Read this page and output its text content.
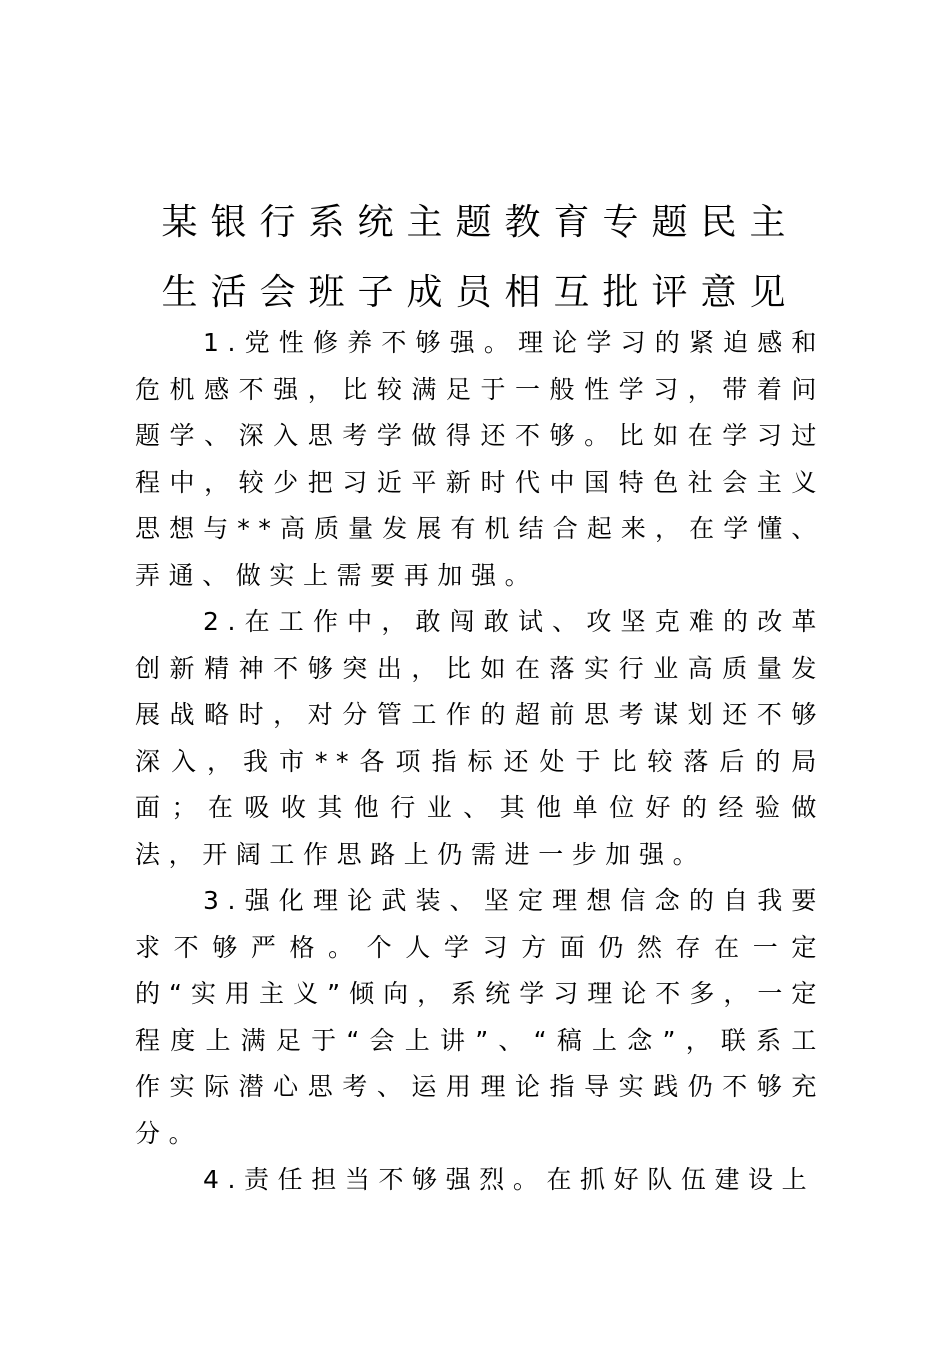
某银行系统主题教育专题民主
生活会班子成员相互批评意见

1.党性修养不够强。理论学习的紧迫感和危机感不强，比较满足于一般性学习，带着问题学、深入思考学做得还不够。比如在学习过程中，较少把习近平新时代中国特色社会主义思想与**高质量发展有机结合起来，在学懂、弄通、做实上需要再加强。

2.在工作中，敢闯敢试、攻坚克难的改革创新精神不够突出，比如在落实行业高质量发展战略时，对分管工作的超前思考谋划还不够深入，我市**各项指标还处于比较落后的局面；在吸收其他行业、其他单位好的经验做法，开阔工作思路上仍需进一步加强。

3.强化理论武装、坚定理想信念的自我要求不够严格。个人学习方面仍然存在一定的“实用主义”倾向，系统学习理论不多，一定程度上满足于“会上讲”、“稿上念”，联系工作实际潜心思考、运用理论指导实践仍不够充分。

4.责任担当不够强烈。在抓好队伍建设上
